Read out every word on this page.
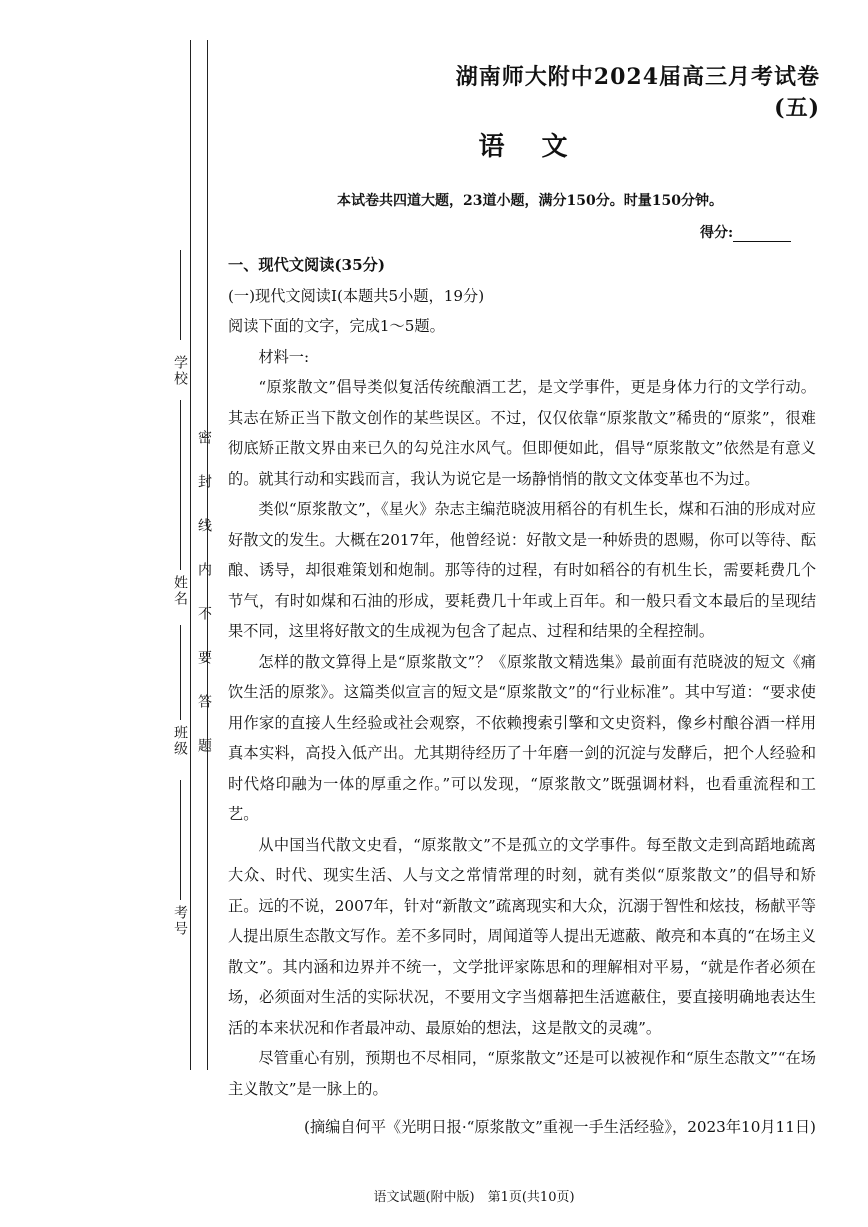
学校
姓名
班级
考号
密封线内不要答题
湖南师大附中2024届高三月考试卷(五)
语 文
本试卷共四道大题，23道小题，满分150分。时量150分钟。
得分:

一、现代文阅读(35分)

(一)现代文阅读Ⅰ(本题共5小题，19分)

阅读下面的文字，完成1～5题。

材料一:

“原浆散文”倡导类似复活传统酿酒工艺，是文学事件，更是身体力行的文学行动。其志在矫正当下散文创作的某些误区。不过，仅仅依靠“原浆散文”稀贵的“原浆”，很难彻底矫正散文界由来已久的勾兑注水风气。但即便如此，倡导“原浆散文”依然是有意义的。就其行动和实践而言，我认为说它是一场静悄悄的散文文体变革也不为过。

类似“原浆散文”，《星火》杂志主编范晓波用稻谷的有机生长，煤和石油的形成对应好散文的发生。大概在2017年，他曾经说：好散文是一种娇贵的恩赐，你可以等待、酝酿、诱导，却很难策划和炮制。那等待的过程，有时如稻谷的有机生长，需要耗费几个节气，有时如煤和石油的形成，要耗费几十年或上百年。和一般只看文本最后的呈现结果不同，这里将好散文的生成视为包含了起点、过程和结果的全程控制。

怎样的散文算得上是“原浆散文”？《原浆散文精选集》最前面有范晓波的短文《痛饮生活的原浆》。这篇类似宣言的短文是“原浆散文”的“行业标准”。其中写道：“要求使用作家的直接人生经验或社会观察，不依赖搜索引擎和文史资料，像乡村酿谷酒一样用真本实料，高投入低产出。尤其期待经历了十年磨一剑的沉淀与发酵后，把个人经验和时代烙印融为一体的厚重之作。”可以发现，“原浆散文”既强调材料，也看重流程和工艺。

从中国当代散文史看，“原浆散文”不是孤立的文学事件。每至散文走到高蹈地疏离大众、时代、现实生活、人与文之常情常理的时刻，就有类似“原浆散文”的倡导和矫正。远的不说，2007年，针对“新散文”疏离现实和大众，沉溺于智性和炫技，杨献平等人提出原生态散文写作。差不多同时，周闻道等人提出无遮蔽、敞亮和本真的“在场主义散文”。其内涵和边界并不统一，文学批评家陈思和的理解相对平易，“就是作者必须在场，必须面对生活的实际状况，不要用文字当烟幕把生活遮蔽住，要直接明确地表达生活的本来状况和作者最冲动、最原始的想法，这是散文的灵魂”。

尽管重心有别，预期也不尽相同，“原浆散文”还是可以被视作和“原生态散文”“在场主义散文”是一脉上的。

(摘编自何平《光明日报·“原浆散文”重视一手生活经验》，2023年10月11日)

语文试题(附中版)　第1页(共10页)
